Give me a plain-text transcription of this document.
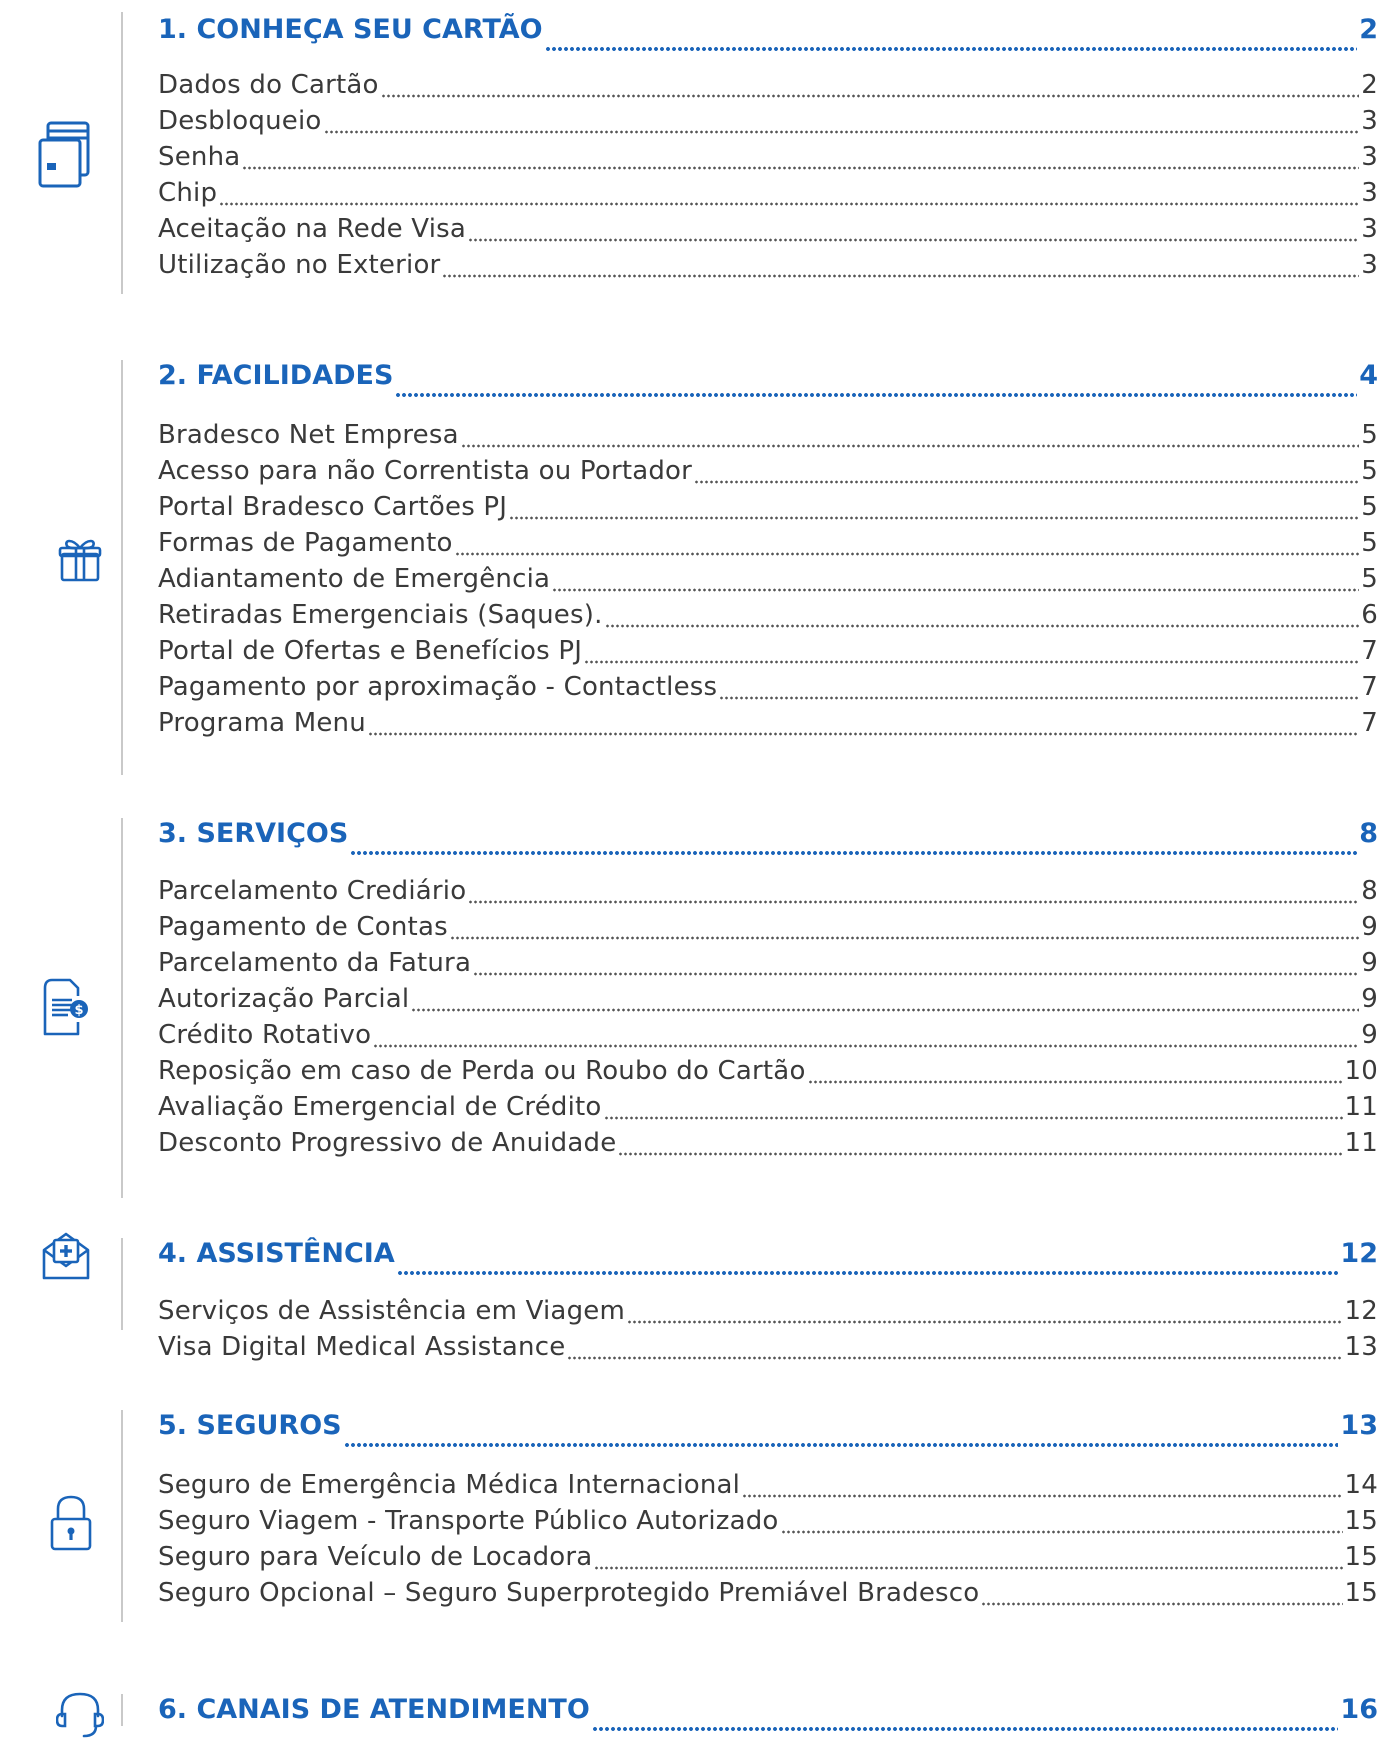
1. CONHEÇA SEU CARTÃO	2
Dados do Cartão	2
Desbloqueio	3
Senha	3
Chip	3
Aceitação na Rede Visa	3
Utilização no Exterior	3
2. FACILIDADES	4
Bradesco Net Empresa	5
Acesso para não Correntista ou Portador	5
Portal Bradesco Cartões PJ	5
Formas de Pagamento	5
Adiantamento de Emergência	5
Retiradas Emergenciais (Saques).	6
Portal de Ofertas e Benefícios PJ	7
Pagamento por aproximação - Contactless	7
Programa Menu	7
$
3. SERVIÇOS	8
Parcelamento Crediário	8
Pagamento de Contas	9
Parcelamento da Fatura	9
Autorização Parcial	9
Crédito Rotativo	9
Reposição em caso de Perda ou Roubo do Cartão	10
Avaliação Emergencial de Crédito	11
Desconto Progressivo de Anuidade	11
4. ASSISTÊNCIA	12
Serviços de Assistência em Viagem	12
Visa Digital Medical Assistance	13
5. SEGUROS	13
Seguro de Emergência Médica Internacional	14
Seguro Viagem - Transporte Público Autorizado	15
Seguro para Veículo de Locadora	15
Seguro Opcional – Seguro Superprotegido Premiável Bradesco	15
6. CANAIS DE ATENDIMENTO	16
